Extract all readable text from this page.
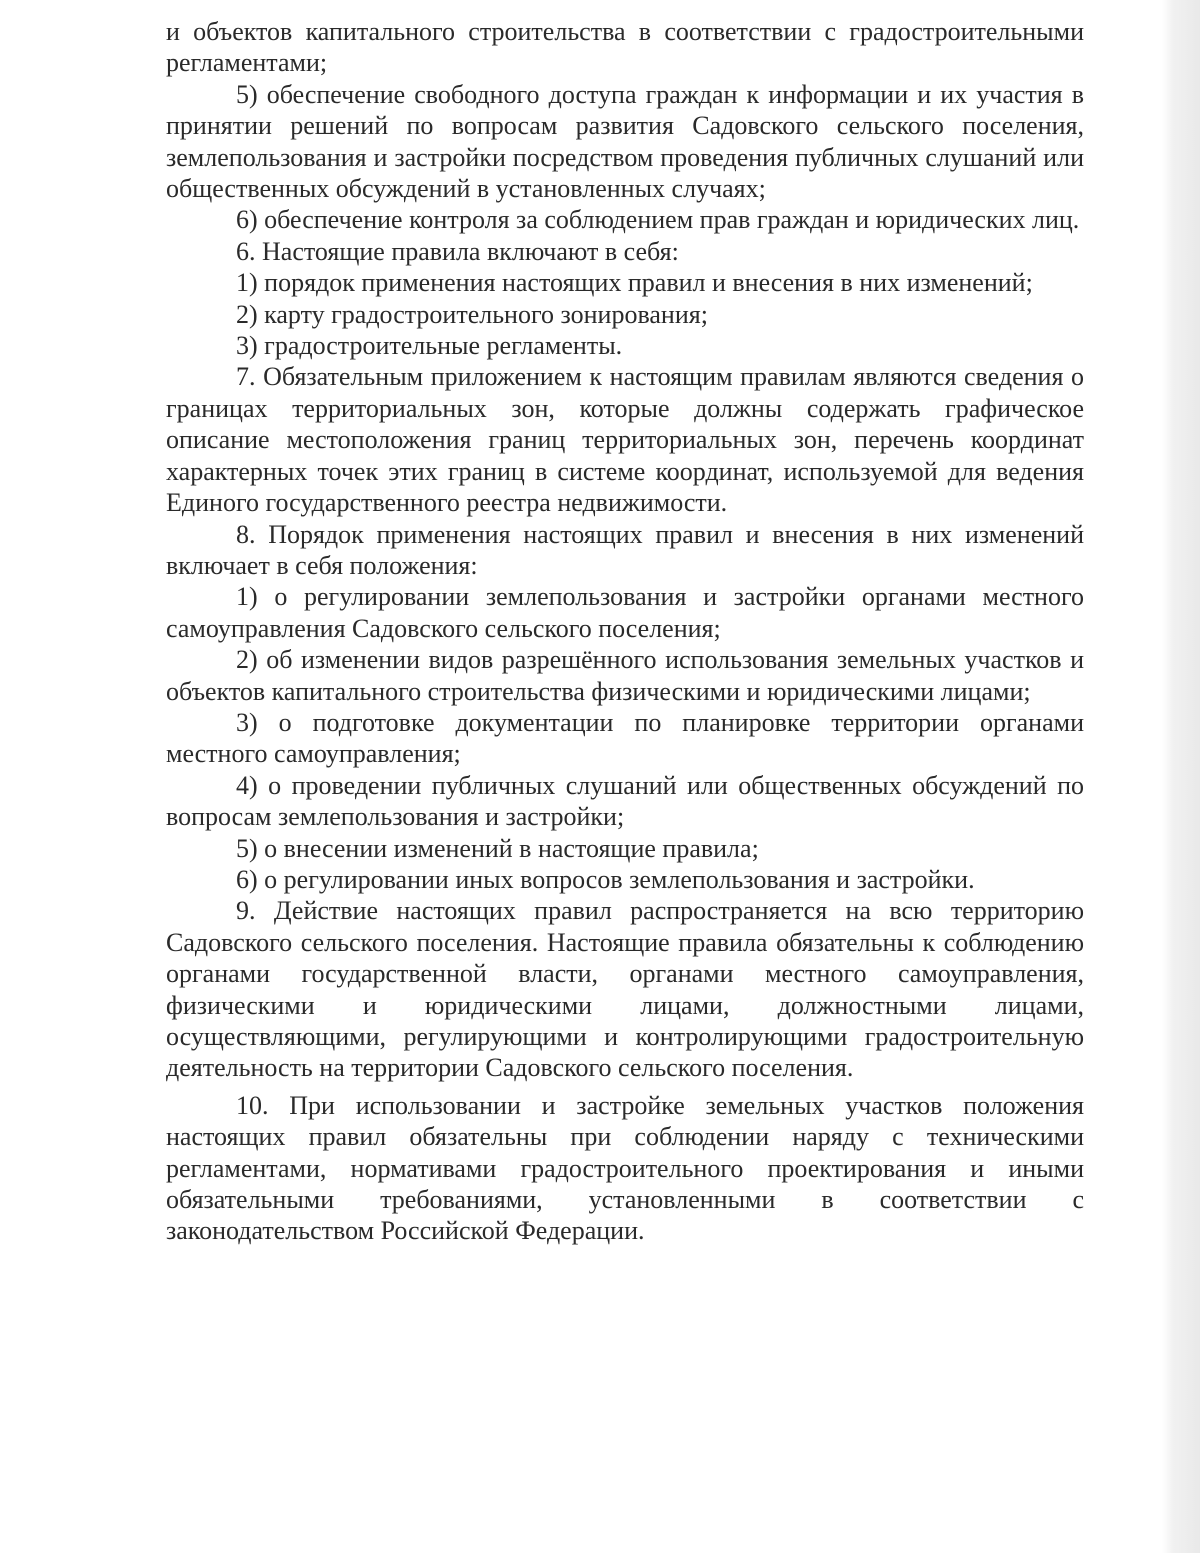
и объектов капитального строительства в соответствии с градостроительными регламентами;

5) обеспечение свободного доступа граждан к информации и их участия в принятии решений по вопросам развития Садовского сельского поселения, землепользования и застройки посредством проведения публичных слушаний или общественных обсуждений в установленных случаях;

6) обеспечение контроля за соблюдением прав граждан и юридических лиц.

6. Настоящие правила включают в себя:

1) порядок применения настоящих правил и внесения в них изменений;

2) карту градостроительного зонирования;

3) градостроительные регламенты.

7. Обязательным приложением к настоящим правилам являются сведения о границах территориальных зон, которые должны содержать графическое описание местоположения границ территориальных зон, перечень координат характерных точек этих границ в системе координат, используемой для ведения Единого государственного реестра недвижимости.

8. Порядок применения настоящих правил и внесения в них изменений включает в себя положения:

1) о регулировании землепользования и застройки органами местного самоуправления Садовского сельского поселения;

2) об изменении видов разрешённого использования земельных участков и объектов капитального строительства физическими и юридическими лицами;

3) о подготовке документации по планировке территории органами местного самоуправления;

4) о проведении публичных слушаний или общественных обсуждений по вопросам землепользования и застройки;

5) о внесении изменений в настоящие правила;

6) о регулировании иных вопросов землепользования и застройки.

9. Действие настоящих правил распространяется на всю территорию Садовского сельского поселения. Настоящие правила обязательны к соблюдению органами государственной власти, органами местного самоуправления, физическими и юридическими лицами, должностными лицами, осуществляющими, регулирующими и контролирующими градостроительную деятельность на территории Садовского сельского поселения.

10. При использовании и застройке земельных участков положения настоящих правил обязательны при соблюдении наряду с техническими регламентами, нормативами градостроительного проектирования и иными обязательными требованиями, установленными в соответствии с законодательством Российской Федерации.
